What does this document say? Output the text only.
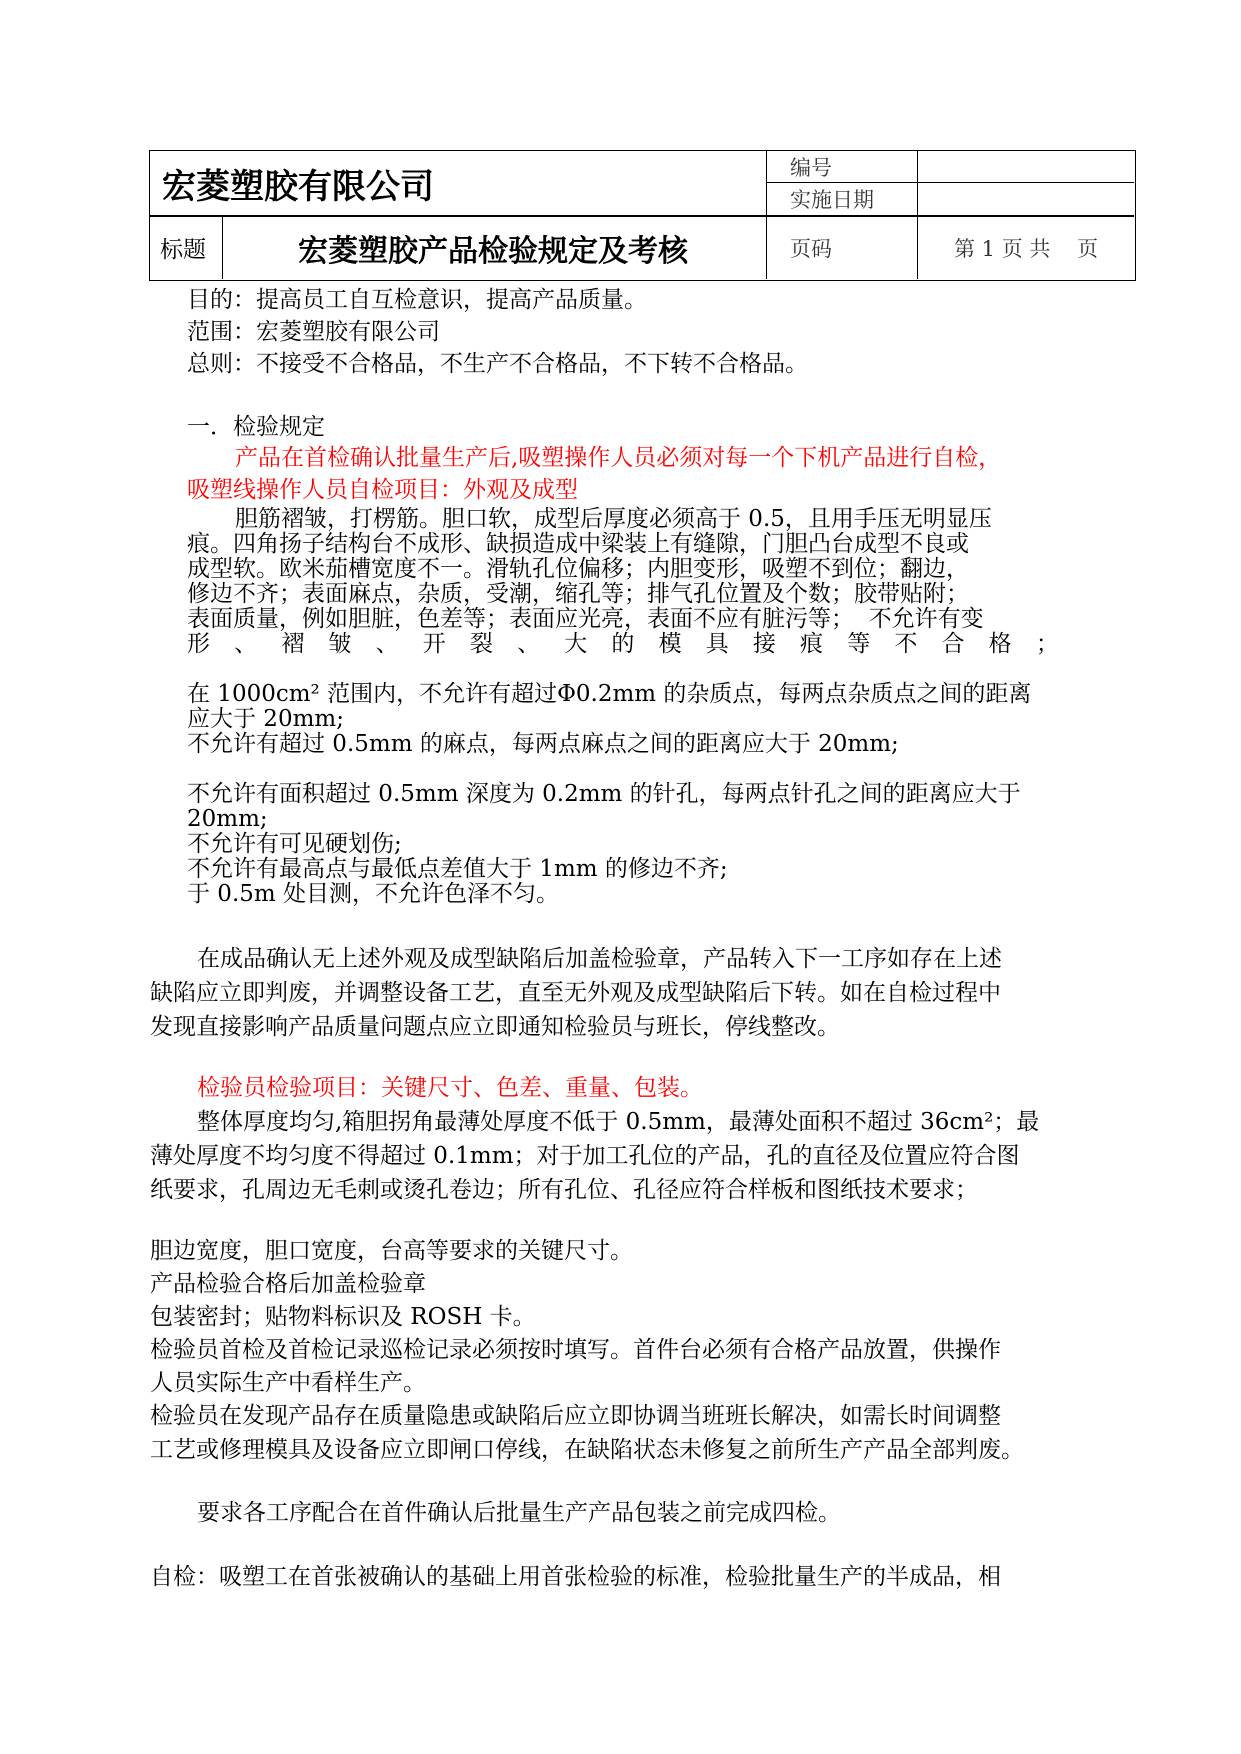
宏菱塑胶有限公司	编号
实施日期
标题	宏菱塑胶产品检验规定及考核	页码	第 1 页 共    页
目的：提高员工自互检意识，提高产品质量。
范围：宏菱塑胶有限公司
总则：不接受不合格品，不生产不合格品，不下转不合格品。
一．检验规定
产品在首检确认批量生产后,吸塑操作人员必须对每一个下机产品进行自检，
吸塑线操作人员自检项目：外观及成型
胆筋褶皱，打楞筋。胆口软，成型后厚度必须高于 0.5，且用手压无明显压
痕。四角扬子结构台不成形、缺损造成中梁装上有缝隙，门胆凸台成型不良或
成型软。欧米茄槽宽度不一。滑轨孔位偏移；内胆变形，吸塑不到位；翻边，
修边不齐；表面麻点，杂质，受潮，缩孔等；排气孔位置及个数；胶带贴附；
表面质量，例如胆脏，色差等；表面应光亮，表面不应有脏污等；  不允许有变
形 、 褶 皱 、 开 裂 、 大 的 模 具 接 痕 等 不 合 格 ；
在 1000cm² 范围内，不允许有超过Φ0.2mm 的杂质点，每两点杂质点之间的距离
应大于 20mm;
不允许有超过 0.5mm 的麻点，每两点麻点之间的距离应大于 20mm;
不允许有面积超过 0.5mm 深度为 0.2mm 的针孔，每两点针孔之间的距离应大于
20mm;
不允许有可见硬划伤;
不允许有最高点与最低点差值大于 1mm 的修边不齐;
于 0.5m 处目测，不允许色泽不匀。
在成品确认无上述外观及成型缺陷后加盖检验章，产品转入下一工序如存在上述
缺陷应立即判废，并调整设备工艺，直至无外观及成型缺陷后下转。如在自检过程中
发现直接影响产品质量问题点应立即通知检验员与班长，停线整改。
检验员检验项目：关键尺寸、色差、重量、包装。
整体厚度均匀,箱胆拐角最薄处厚度不低于 0.5mm，最薄处面积不超过 36cm²；最
薄处厚度不均匀度不得超过 0.1mm；对于加工孔位的产品，孔的直径及位置应符合图
纸要求，孔周边无毛刺或烫孔卷边；所有孔位、孔径应符合样板和图纸技术要求；
胆边宽度，胆口宽度，台高等要求的关键尺寸。
产品检验合格后加盖检验章
包装密封；贴物料标识及 ROSH 卡。
检验员首检及首检记录巡检记录必须按时填写。首件台必须有合格产品放置，供操作
人员实际生产中看样生产。
检验员在发现产品存在质量隐患或缺陷后应立即协调当班班长解决，如需长时间调整
工艺或修理模具及设备应立即闸口停线，在缺陷状态未修复之前所生产产品全部判废。
要求各工序配合在首件确认后批量生产产品包装之前完成四检。
自检：吸塑工在首张被确认的基础上用首张检验的标准，检验批量生产的半成品，相
